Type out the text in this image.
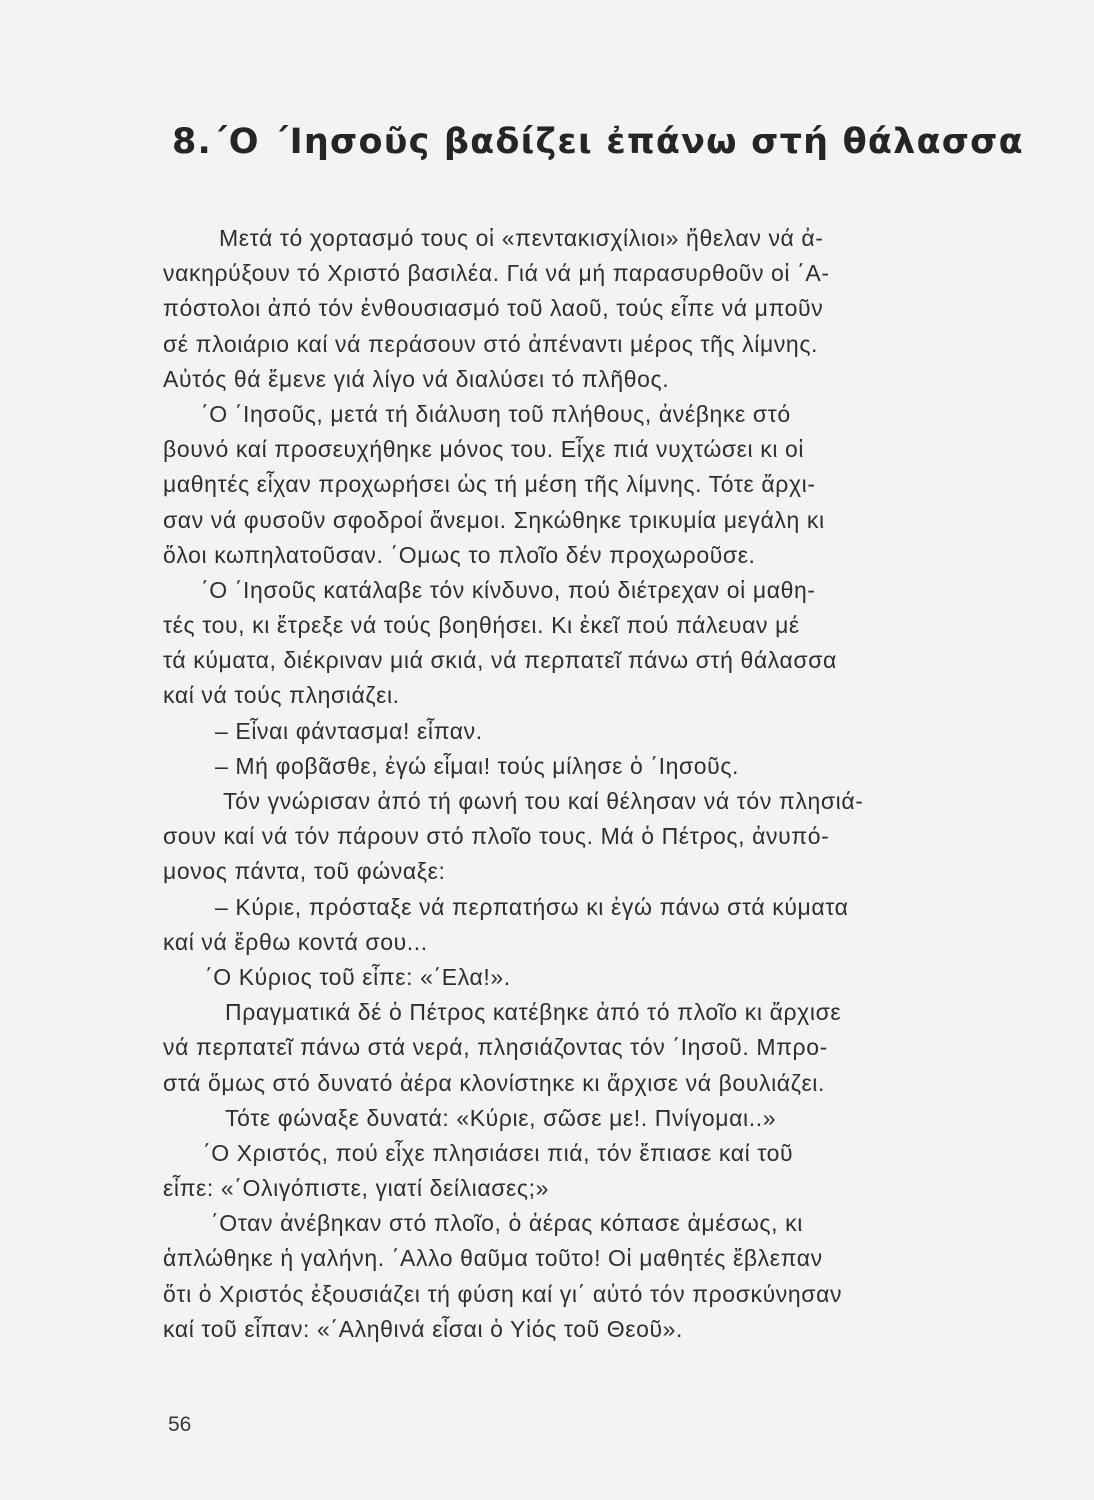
8.΄Ο ΄Ιησοῦς βαδίζει ἐπάνω στή θάλασσα
Μετά τό χορτασμό τους οἱ «πεντακισχίλιοι» ἤθελαν νά ἀ-
νακηρύξουν τό Χριστό βασιλέα. Γιά νά μή παρασυρθοῦν οἱ ΄Α-
πόστολοι ἀπό τόν ἐνθουσιασμό τοῦ λαοῦ, τούς εἶπε νά μποῦν
σέ πλοιάριο καί νά περάσουν στό ἀπέναντι μέρος τῆς λίμνης.
Αὐτός θά ἔμενε γιά λίγο νά διαλύσει τό πλῆθος.
΄Ο ΄Ιησοῦς, μετά τή διάλυση τοῦ πλήθους, ἀνέβηκε στό
βουνό καί προσευχήθηκε μόνος του. Εἶχε πιά νυχτώσει κι οἱ
μαθητές εἶχαν προχωρήσει ὡς τή μέση τῆς λίμνης. Τότε ἄρχι-
σαν νά φυσοῦν σφοδροί ἄνεμοι. Σηκώθηκε τρικυμία μεγάλη κι
ὅλοι κωπηλατοῦσαν. ΄Ομως το πλοῖο δέν προχωροῦσε.
΄Ο ΄Ιησοῦς κατάλαβε τόν κίνδυνο, πού διέτρεχαν οἱ μαθη-
τές του, κι ἔτρεξε νά τούς βοηθήσει. Κι ἐκεῖ πού πάλευαν μέ
τά κύματα, διέκριναν μιά σκιά, νά περπατεῖ πάνω στή θάλασσα
καί νά τούς πλησιάζει.
– Εἶναι φάντασμα! εἶπαν.
– Μή φοβᾶσθε, ἐγώ εἶμαι! τούς μίλησε ὁ ΄Ιησοῦς.
Τόν γνώρισαν ἀπό τή φωνή του καί θέλησαν νά τόν πλησιά-
σουν καί νά τόν πάρουν στό πλοῖο τους. Μά ὁ Πέτρος, ἀνυπό-
μονος πάντα, τοῦ φώναξε:
– Κύριε, πρόσταξε νά περπατήσω κι ἐγώ πάνω στά κύματα
καί νά ἔρθω κοντά σου...
΄Ο Κύριος τοῦ εἶπε: «΄Ελα!».
Πραγματικά δέ ὁ Πέτρος κατέβηκε ἀπό τό πλοῖο κι ἄρχισε
νά περπατεῖ πάνω στά νερά, πλησιάζοντας τόν ΄Ιησοῦ. Μπρο-
στά ὅμως στό δυνατό ἀέρα κλονίστηκε κι ἄρχισε νά βουλιάζει.
Τότε φώναξε δυνατά: «Κύριε, σῶσε με!. Πνίγομαι..»
΄Ο Χριστός, πού εἶχε πλησιάσει πιά, τόν ἔπιασε καί τοῦ
εἶπε: «΄Ολιγόπιστε, γιατί δείλιασες;»
΄Οταν ἀνέβηκαν στό πλοῖο, ὁ ἀέρας κόπασε ἀμέσως, κι
ἁπλώθηκε ἡ γαλήνη. ΄Αλλο θαῦμα τοῦτο! Οἱ μαθητές ἔβλεπαν
ὅτι ὁ Χριστός ἐξουσιάζει τή φύση καί γι΄ αὐτό τόν προσκύνησαν
καί τοῦ εἶπαν: «΄Αληθινά εἶσαι ὁ Υἱός τοῦ Θεοῦ».
56
